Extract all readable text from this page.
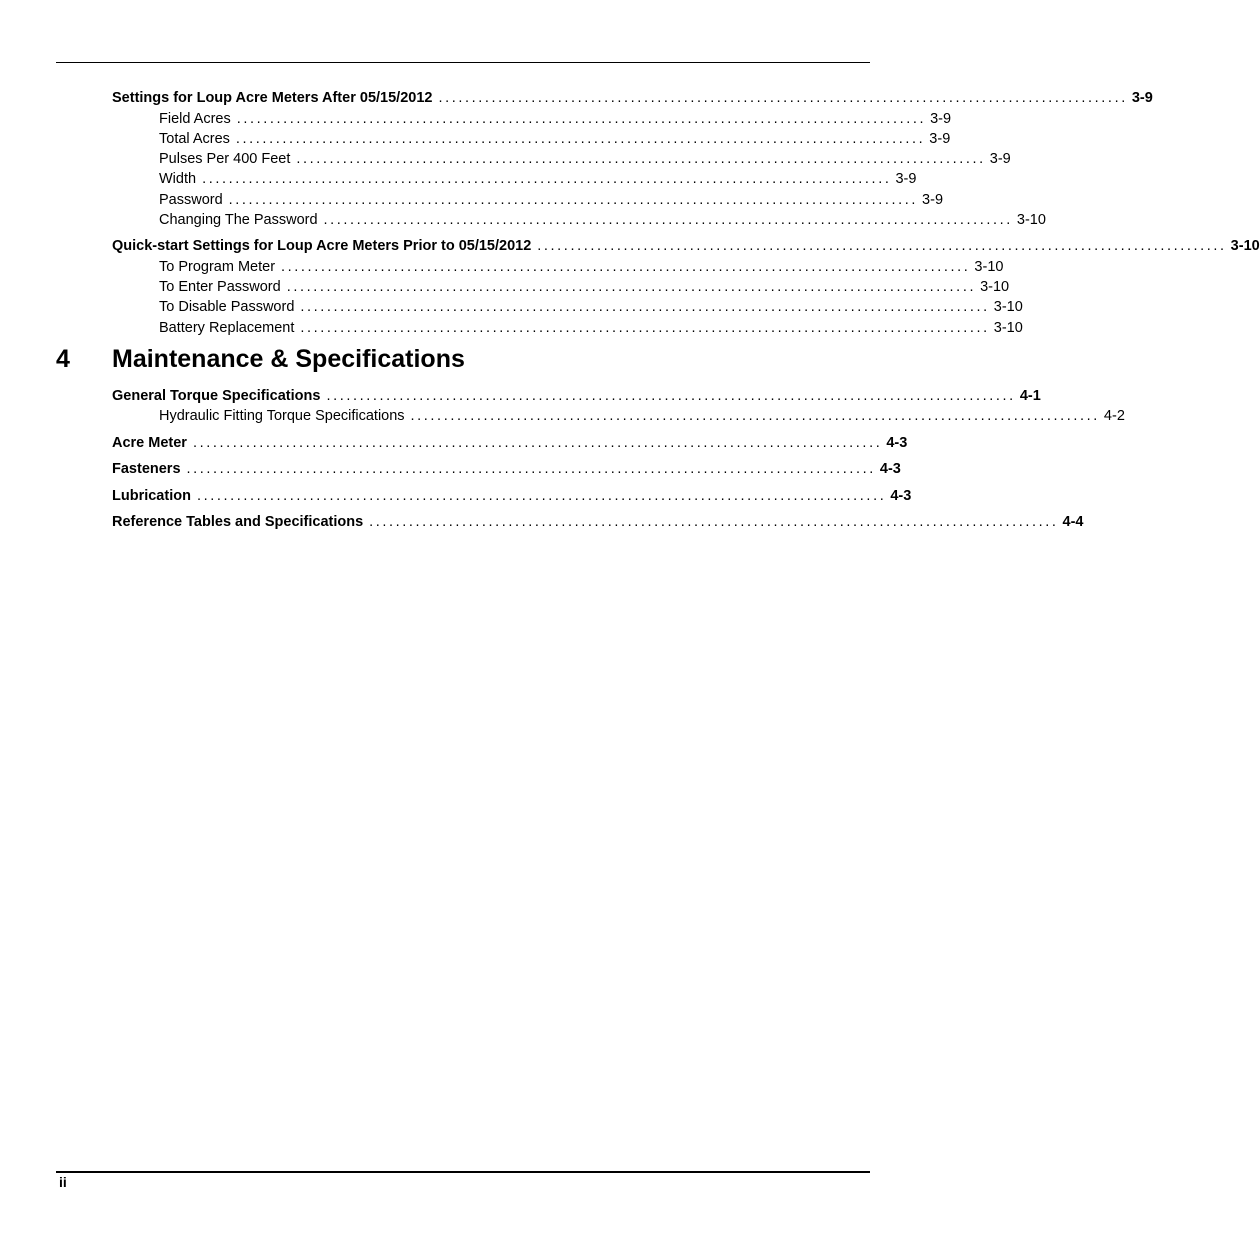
Settings for Loup Acre Meters After 05/15/2012 ........................................................................................................ 3-9
Field Acres ........................................................................................................ 3-9
Total Acres ........................................................................................................ 3-9
Pulses Per 400 Feet ........................................................................................................ 3-9
Width ........................................................................................................ 3-9
Password ........................................................................................................ 3-9
Changing The Password ........................................................................................................ 3-10
Quick-start Settings for Loup Acre Meters Prior to 05/15/2012 ........................................................................................................ 3-10
To Program Meter ........................................................................................................ 3-10
To Enter Password ........................................................................................................ 3-10
To Disable Password ........................................................................................................ 3-10
Battery Replacement ........................................................................................................ 3-10
4 Maintenance & Specifications
General Torque Specifications ........................................................................................................ 4-1
Hydraulic Fitting Torque Specifications ........................................................................................................ 4-2
Acre Meter ........................................................................................................ 4-3
Fasteners ........................................................................................................ 4-3
Lubrication ........................................................................................................ 4-3
Reference Tables and Specifications ........................................................................................................ 4-4
ii
